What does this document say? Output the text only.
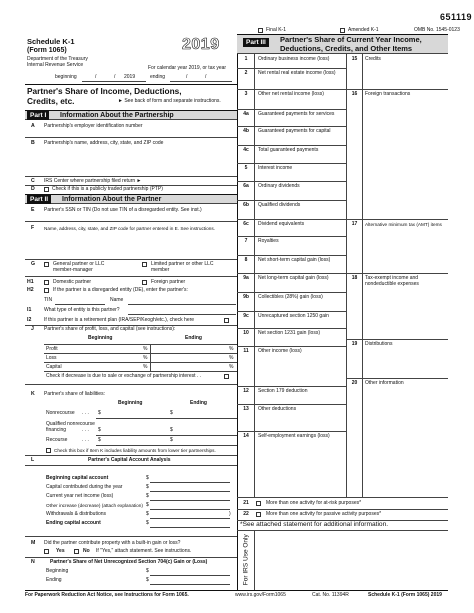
651119
OMB No. 1545-0123
Final K-1	Amended K-1
Schedule K-1
(Form 1065)
Department of the Treasury
Internal Revenue Service
2019
For calendar year 2019, or tax year
beginning	/	/ 2019	ending	/	/
Partner's Share of Income, Deductions,
Credits, etc.	► See back of form and separate instructions.
Part I	Information About the Partnership
A Partnership's employer identification number
B Partnership's name, address, city, state, and ZIP code
C IRS Center where partnership filed return ►
D	Check if this is a publicly traded partnership (PTP)
Part II	Information About the Partner
E Partner's SSN or TIN (Do not use TIN of a disregarded entity. See inst.)
F Name, address, city, state, and ZIP code for partner entered in E. See instructions.
G	General partner or LLC
member-manager
Limited partner or other LLC
member
H1	Domestic partner	Foreign partner
H2	If the partner is a disregarded entity (DE), enter the partner's:
TIN	Name
I1	What type of entity is this partner?
I2	If this partner is a retirement plan (IRA/SEP/Keogh/etc.), check here
J Partner's share of profit, loss, and capital (see instructions):
Beginning	Ending
Profit	%	%
Loss	%	%
Capital	%	%
Check if decrease is due to sale or exchange of partnership interest . .
K Partner's share of liabilities:
Beginning	Ending
Nonrecourse . . . $	$
Qualified nonrecourse
financing	. . . $	$
Recourse	. . . $	$
Check this box if Item K includes liability amounts from lower tier partnerships.
L	Partner's Capital Account Analysis
Beginning capital account	$
Capital contributed during the year	$
Current year net income (loss)	$
Other increase (decrease) (attach explanation) $
Withdrawals & distributions	$	)
Ending capital account	$
M Did the partner contribute property with a built-in gain or loss?
Yes	No If "Yes," attach statement. See instructions.
N	Partner's Share of Net Unrecognized Section 704(c) Gain or (Loss)
Beginning	$
Ending	$
Part III	Partner's Share of Current Year Income,
Deductions, Credits, and Other Items
1	Ordinary business income (loss)
2	Net rental real estate income (loss)
3	Other net rental income (loss)
4a	Guaranteed payments for services
4b	Guaranteed payments for capital
4c	Total guaranteed payments
5	Interest income
6a	Ordinary dividends
6b	Qualified dividends
6c	Dividend equivalents
7	Royalties
8	Net short-term capital gain (loss)
9a	Net long-term capital gain (loss)
9b	Collectibles (28%) gain (loss)
9c	Unrecaptured section 1250 gain
10	Net section 1231 gain (loss)
11	Other income (loss)
12	Section 179 deduction
13	Other deductions
14	Self-employment earnings (loss)
15	Credits
16	Foreign transactions
17	Alternative minimum tax (AMT) items
18	Tax-exempt income and
nondeductible expenses
19	Distributions
20	Other information
21	More than one activity for at-risk purposes*
22	More than one activity for passive activity purposes*
*See attached statement for additional information.
For IRS Use Only
For Paperwork Reduction Act Notice, see Instructions for Form 1065.	www.irs.gov/Form1065	Cat. No. 11394R	Schedule K-1 (Form 1065) 2019
